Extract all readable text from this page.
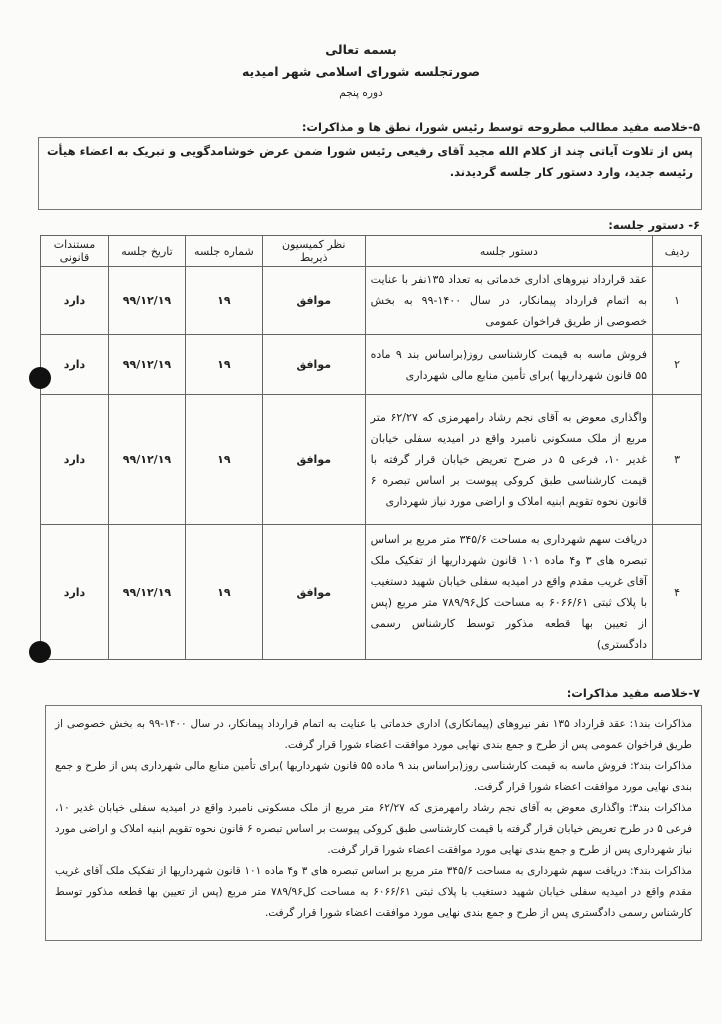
بسمه تعالی
صورتجلسه شورای اسلامی شهر امیدیه
دوره پنجم
۵-خلاصه مفید مطالب مطروحه توسط رئیس شورا، نطق ها و مذاکرات:
پس از تلاوت آیاتی چند از کلام الله مجید آقای رفیعی رئیس شورا ضمن عرض خوشامدگویی و تبریک به اعضاء هیأت رئیسه جدید، وارد دستور کار جلسه گردیدند.
۶- دستور جلسه:
ردیف	دستور جلسه	نظر کمیسیون ذیربط	شماره جلسه	تاریخ جلسه	مستندات قانونی
۱	عقد قرارداد نیروهای اداری خدماتی به تعداد ۱۳۵نفر با عنایت به اتمام قرارداد پیمانکار، در سال ۱۴۰۰-۹۹ به بخش خصوصی از طریق فراخوان عمومی	موافق	۱۹	۹۹/۱۲/۱۹	دارد
۲	فروش ماسه به قیمت کارشناسی روز(براساس بند ۹ ماده ۵۵ قانون شهرداریها )برای تأمین منابع مالی شهرداری	موافق	۱۹	۹۹/۱۲/۱۹	دارد
۳	واگذاری معوض به آقای نجم رشاد رامهرمزی که ۶۲/۲۷ متر مربع از ملک مسکونی نامبرد واقع در امیدیه سفلی خیابان غدیر ۱۰، فرعی ۵ در ضرح تعریض خیابان قرار گرفته با قیمت کارشناسی طبق کروکی پیوست بر اساس تبصره ۶ قانون نحوه تقویم ابنیه املاک و اراضی مورد نیاز شهرداری	موافق	۱۹	۹۹/۱۲/۱۹	دارد
۴	دریافت سهم شهرداری به مساحت ۳۴۵/۶ متر مربع بر اساس تبصره های ۳ و۴ ماده ۱۰۱ قانون شهرداریها از تفکیک ملک آقای غریب مقدم واقع در امیدیه سفلی خیابان شهید دستغیب با پلاک ثبتی ۶۰۶۶/۶۱ به مساحت کل۷۸۹/۹۶ متر مربع (پس از تعیین بها قطعه مذکور توسط کارشناس رسمی دادگستری)	موافق	۱۹	۹۹/۱۲/۱۹	دارد
۷-خلاصه مفید مذاکرات:

مذاکرات بند۱: عقد قرارداد ۱۳۵ نفر نیروهای (پیمانکاری) اداری خدماتی با عنایت به اتمام قرارداد پیمانکار، در سال ۱۴۰۰-۹۹ به بخش خصوصی از طریق فراخوان عمومی پس از طرح و جمع بندی نهایی مورد موافقت اعضاء شورا قرار گرفت.

مذاکرات بند۲: فروش ماسه به قیمت کارشناسی روز(براساس بند ۹ ماده ۵۵ قانون شهرداریها )برای تأمین منابع مالی شهرداری پس از طرح و جمع بندی نهایی مورد موافقت اعضاء شورا قرار گرفت.

مذاکرات بند۳: واگذاری معوض به آقای نجم رشاد رامهرمزی که ۶۲/۲۷ متر مربع از ملک مسکونی نامبرد واقع در امیدیه سفلی خیابان غدیر ۱۰، فرعی ۵ در طرح تعریض خیابان قرار گرفته با قیمت کارشناسی طبق کروکی پیوست بر اساس تبصره ۶ قانون نحوه تقویم ابنیه املاک و اراضی مورد نیاز شهرداری پس از طرح و جمع بندی نهایی مورد موافقت اعضاء شورا قرار گرفت.

مذاکرات بند۴: دریافت سهم شهرداری به مساحت ۳۴۵/۶ متر مربع بر اساس تبصره های ۳ و۴ ماده ۱۰۱ قانون شهرداریها از تفکیک ملک آقای غریب مقدم واقع در امیدیه سفلی خیابان شهید دستغیب با پلاک ثبتی ۶۰۶۶/۶۱ به مساحت کل۷۸۹/۹۶ متر مربع (پس از تعیین بها قطعه مذکور توسط کارشناس رسمی دادگستری پس از طرح و جمع بندی نهایی مورد موافقت اعضاء شورا قرار گرفت.
